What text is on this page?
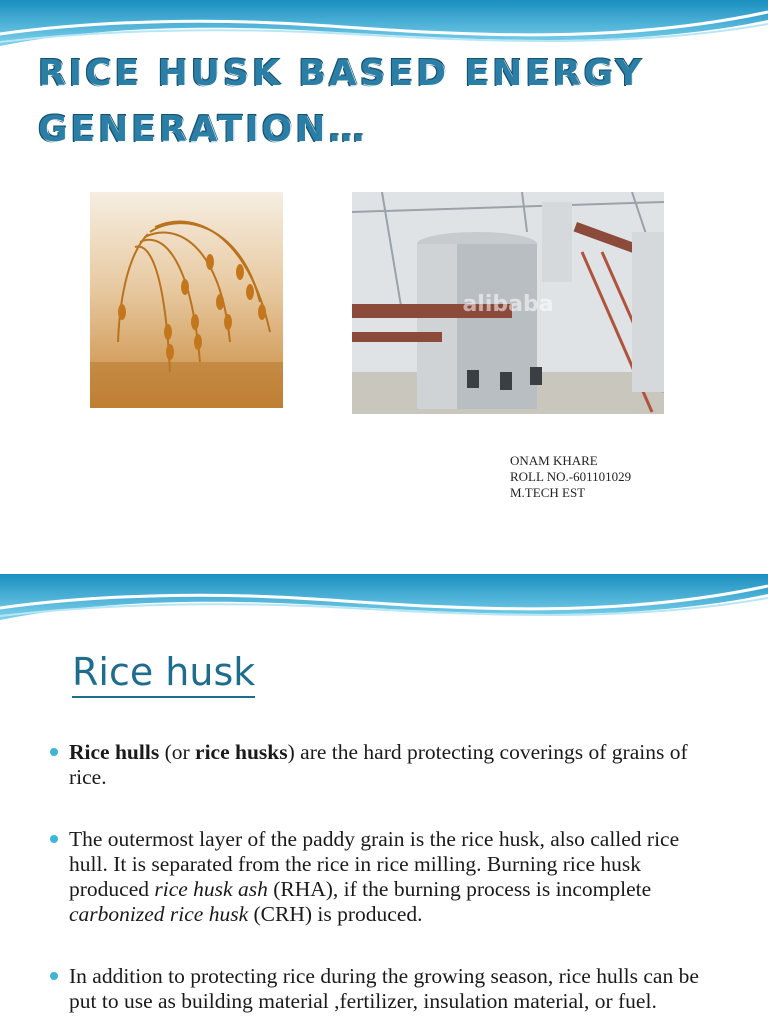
RICE HUSK BASED ENERGY
GENERATION…
alibaba
ONAM KHARE
ROLL NO.-601101029
M.TECH EST
Rice husk
Rice hulls (or rice husks) are the hard protecting coverings of grains of rice.
The outermost layer of the paddy grain is the rice husk, also called rice hull. It is separated from the rice in rice milling. Burning rice husk produced rice husk ash (RHA), if the burning process is incomplete carbonized rice husk (CRH) is produced.
In addition to protecting rice during the growing season, rice hulls can be put to use as building material ,fertilizer, insulation material, or fuel.
